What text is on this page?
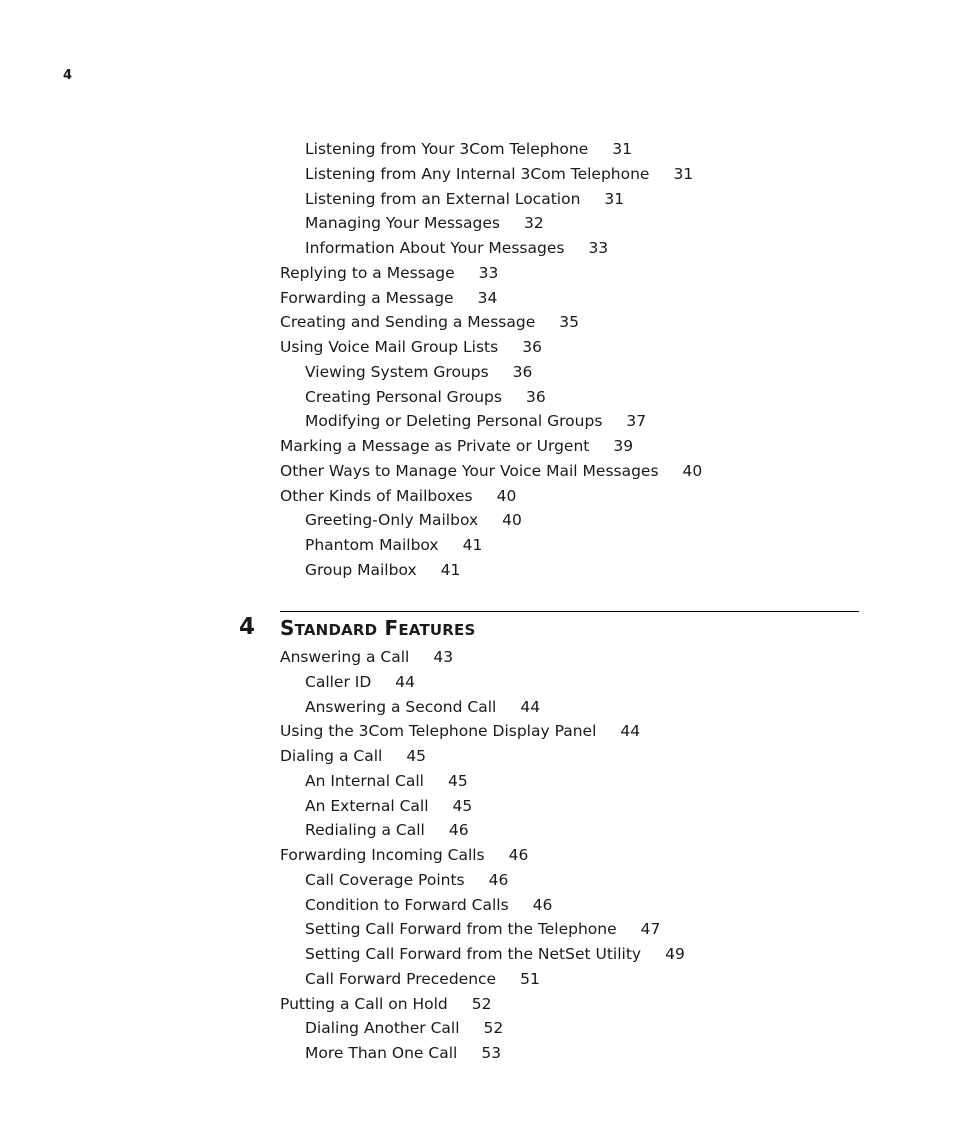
4
Listening from Your 3Com Telephone 31
Listening from Any Internal 3Com Telephone 31
Listening from an External Location 31
Managing Your Messages 32
Information About Your Messages 33
Replying to a Message 33
Forwarding a Message 34
Creating and Sending a Message 35
Using Voice Mail Group Lists 36
Viewing System Groups 36
Creating Personal Groups 36
Modifying or Deleting Personal Groups 37
Marking a Message as Private or Urgent 39
Other Ways to Manage Your Voice Mail Messages 40
Other Kinds of Mailboxes 40
Greeting-Only Mailbox 40
Phantom Mailbox 41
Group Mailbox 41
4 STANDARD FEATURES
Answering a Call 43
Caller ID 44
Answering a Second Call 44
Using the 3Com Telephone Display Panel 44
Dialing a Call 45
An Internal Call 45
An External Call 45
Redialing a Call 46
Forwarding Incoming Calls 46
Call Coverage Points 46
Condition to Forward Calls 46
Setting Call Forward from the Telephone 47
Setting Call Forward from the NetSet Utility 49
Call Forward Precedence 51
Putting a Call on Hold 52
Dialing Another Call 52
More Than One Call 53
